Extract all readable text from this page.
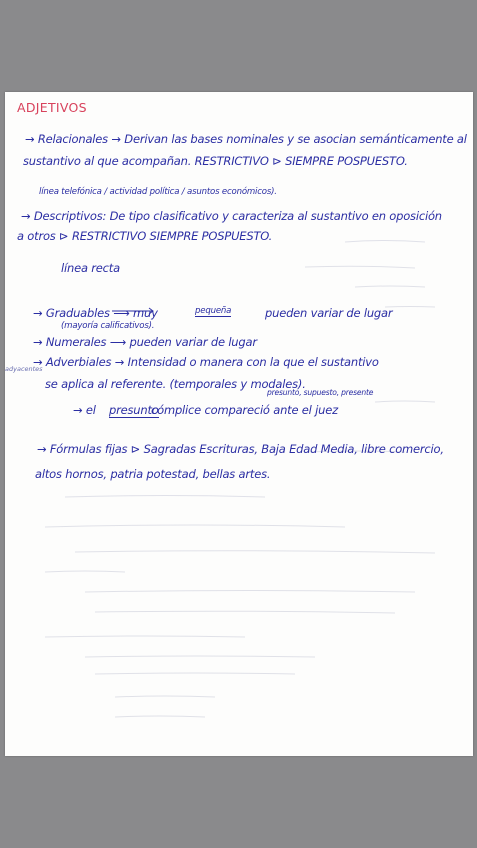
ADJETIVOS
→ Relacionales → Derivan las bases nominales y se asocian semánticamente al
sustantivo al que acompañan. RESTRICTIVO ⊳ SIEMPRE POSPUESTO.
línea telefónica / actividad política / asuntos económicos).
→ Descriptivos: De tipo clasificativo y caracteriza al sustantivo en oposición
a otros ⊳ RESTRICTIVO SIEMPRE POSPUESTO.
línea recta
→ Graduables ⟶ muy	pequeña	pueden variar de lugar
(mayoría calificativos).
→ Numerales ⟶ pueden variar de lugar
adyacentes
→ Adverbiales → Intensidad o manera con la que el sustantivo
se aplica al referente. (temporales y modales).
presunto, supuesto, presente
→ el presunto
cómplice compareció ante el juez
→ Fórmulas fijas ⊳ Sagradas Escrituras, Baja Edad Media, libre comercio,
altos hornos, patria potestad, bellas artes.
